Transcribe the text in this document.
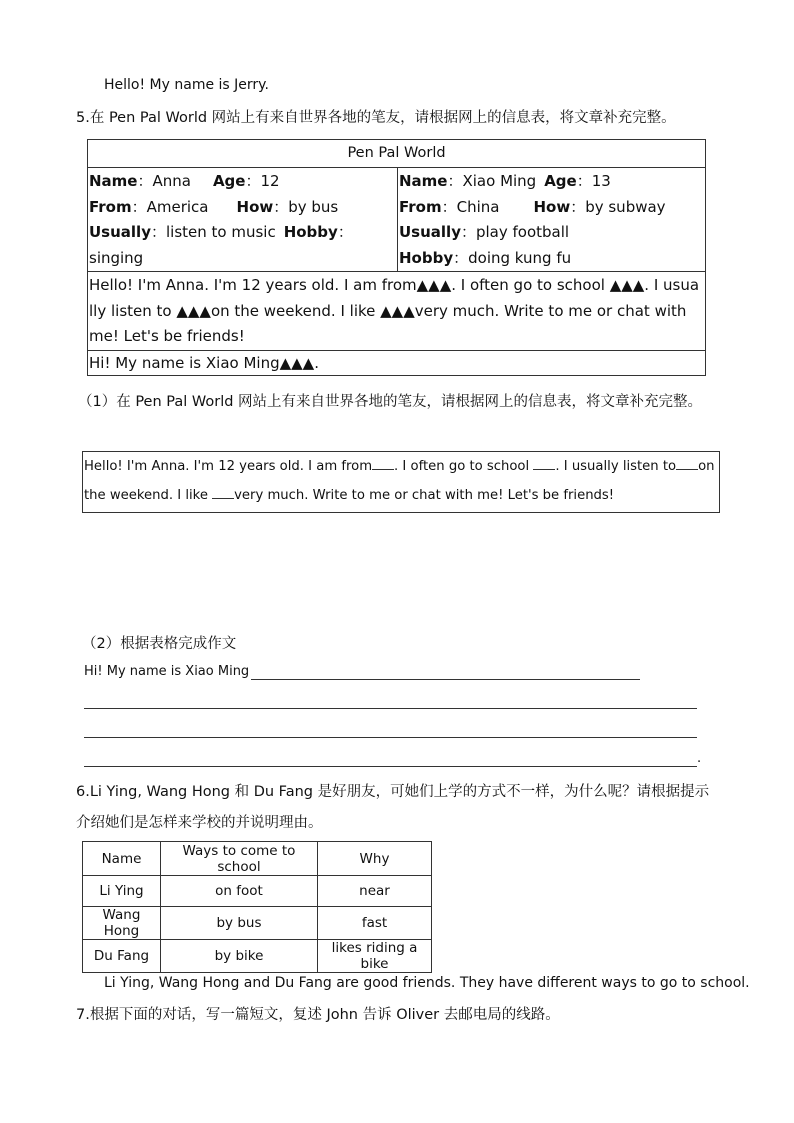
Hello! My name is Jerry.
5.在 Pen Pal World 网站上有来自世界各地的笔友，请根据网上的信息表，将文章补充完整。
Pen Pal World
Name：Anna Age：12
From：America How：by bus
Usually：listen to music Hobby：singing
Name：Xiao Ming Age：13
From：China How：by subway
Usually：play football
Hobby：doing kung fu
Hello! I'm Anna. I'm 12 years old. I am from▲▲▲. I often go to school ▲▲▲. I usually listen to ▲▲▲on the weekend. I like ▲▲▲very much. Write to me or chat with me! Let's be friends!
Hi! My name is Xiao Ming▲▲▲.
（1）在 Pen Pal World 网站上有来自世界各地的笔友，请根据网上的信息表，将文章补充完整。
Hello! I'm Anna. I'm 12 years old. I am from . I often go to school . I usually listen to on
the weekend. I like very much. Write to me or chat with me! Let's be friends!
（2）根据表格完成作文
Hi! My name is Xiao Ming
.
6.Li Ying, Wang Hong 和 Du Fang 是好朋友，可她们上学的方式不一样，为什么呢？请根据提示
介绍她们是怎样来学校的并说明理由。
Name	Ways to come to school	Why
Li Ying	on foot	near
Wang Hong	by bus	fast
Du Fang	by bike	likes riding a bike
Li Ying, Wang Hong and Du Fang are good friends. They have different ways to go to school.
7.根据下面的对话，写一篇短文，复述 John 告诉 Oliver 去邮电局的线路。
